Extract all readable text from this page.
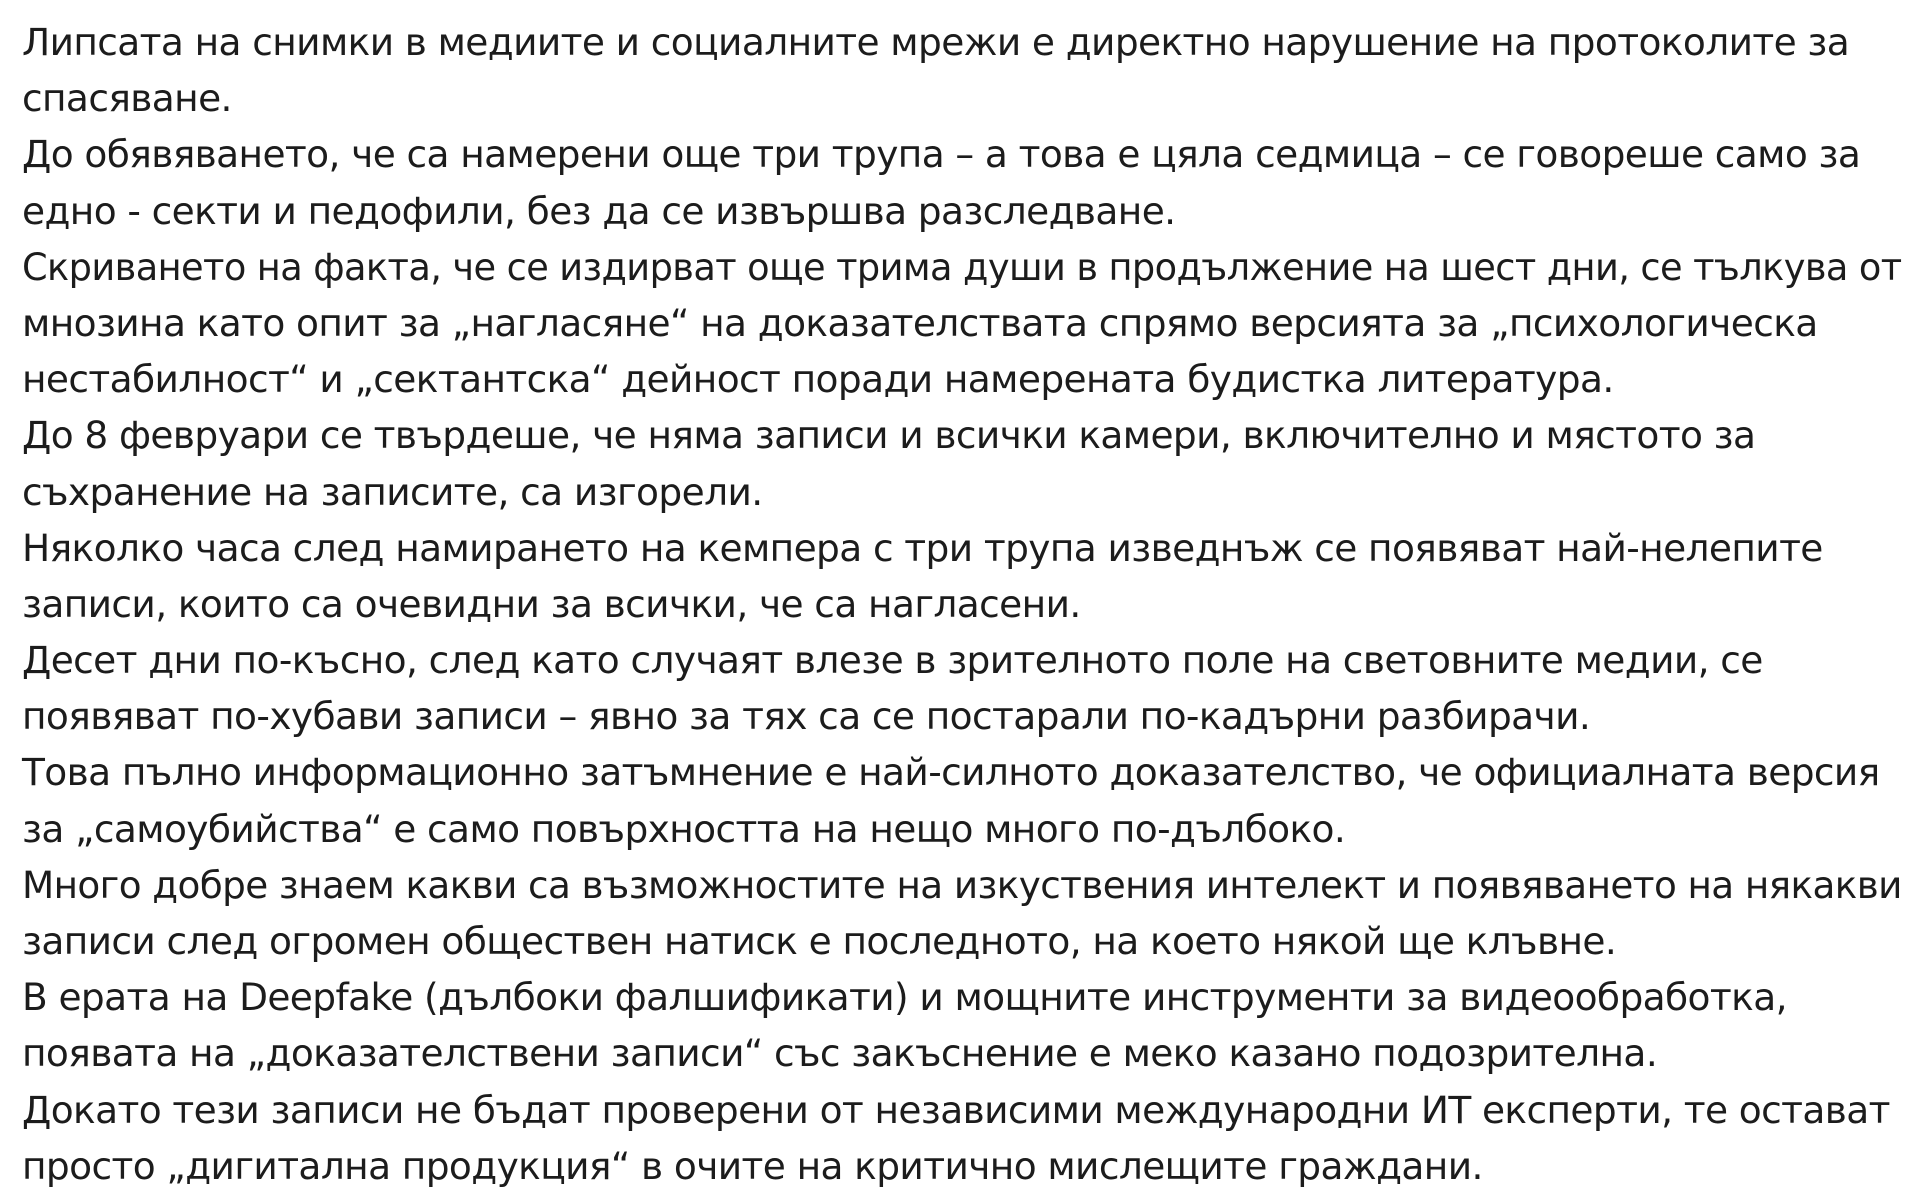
Липсата на снимки в медиите и социалните мрежи е директно нарушение на протоколите за
спасяване.
До обявяването, че са намерени още три трупа – а това е цяла седмица – се говореше само за
едно - секти и педофили, без да се извършва разследване.
Скриването на факта, че се издирват още трима души в продължение на шест дни, се тълкува от
мнозина като опит за „нагласяне“ на доказателствата спрямо версията за „психологическа
нестабилност“ и „сектантска“ дейност поради намерената будистка литература.
До 8 февруари се твърдеше, че няма записи и всички камери, включително и мястото за
съхранение на записите, са изгорели.
Няколко часа след намирането на кемпера с три трупа изведнъж се появяват най-нелепите
записи, които са очевидни за всички, че са нагласени.
Десет дни по-късно, след като случаят влезе в зрителното поле на световните медии, се
появяват по-хубави записи – явно за тях са се постарали по-кадърни разбирачи.
Това пълно информационно затъмнение е най-силното доказателство, че официалната версия
за „самоубийства“ е само повърхността на нещо много по-дълбоко.
Много добре знаем какви са възможностите на изкуствения интелект и появяването на някакви
записи след огромен обществен натиск е последното, на което някой ще клъвне.
В ерата на Deepfake (дълбоки фалшификати) и мощните инструменти за видеообработка,
появата на „доказателствени записи“ със закъснение е меко казано подозрителна.
Докато тези записи не бъдат проверени от независими международни ИТ експерти, те остават
просто „дигитална продукция“ в очите на критично мислещите граждани.
